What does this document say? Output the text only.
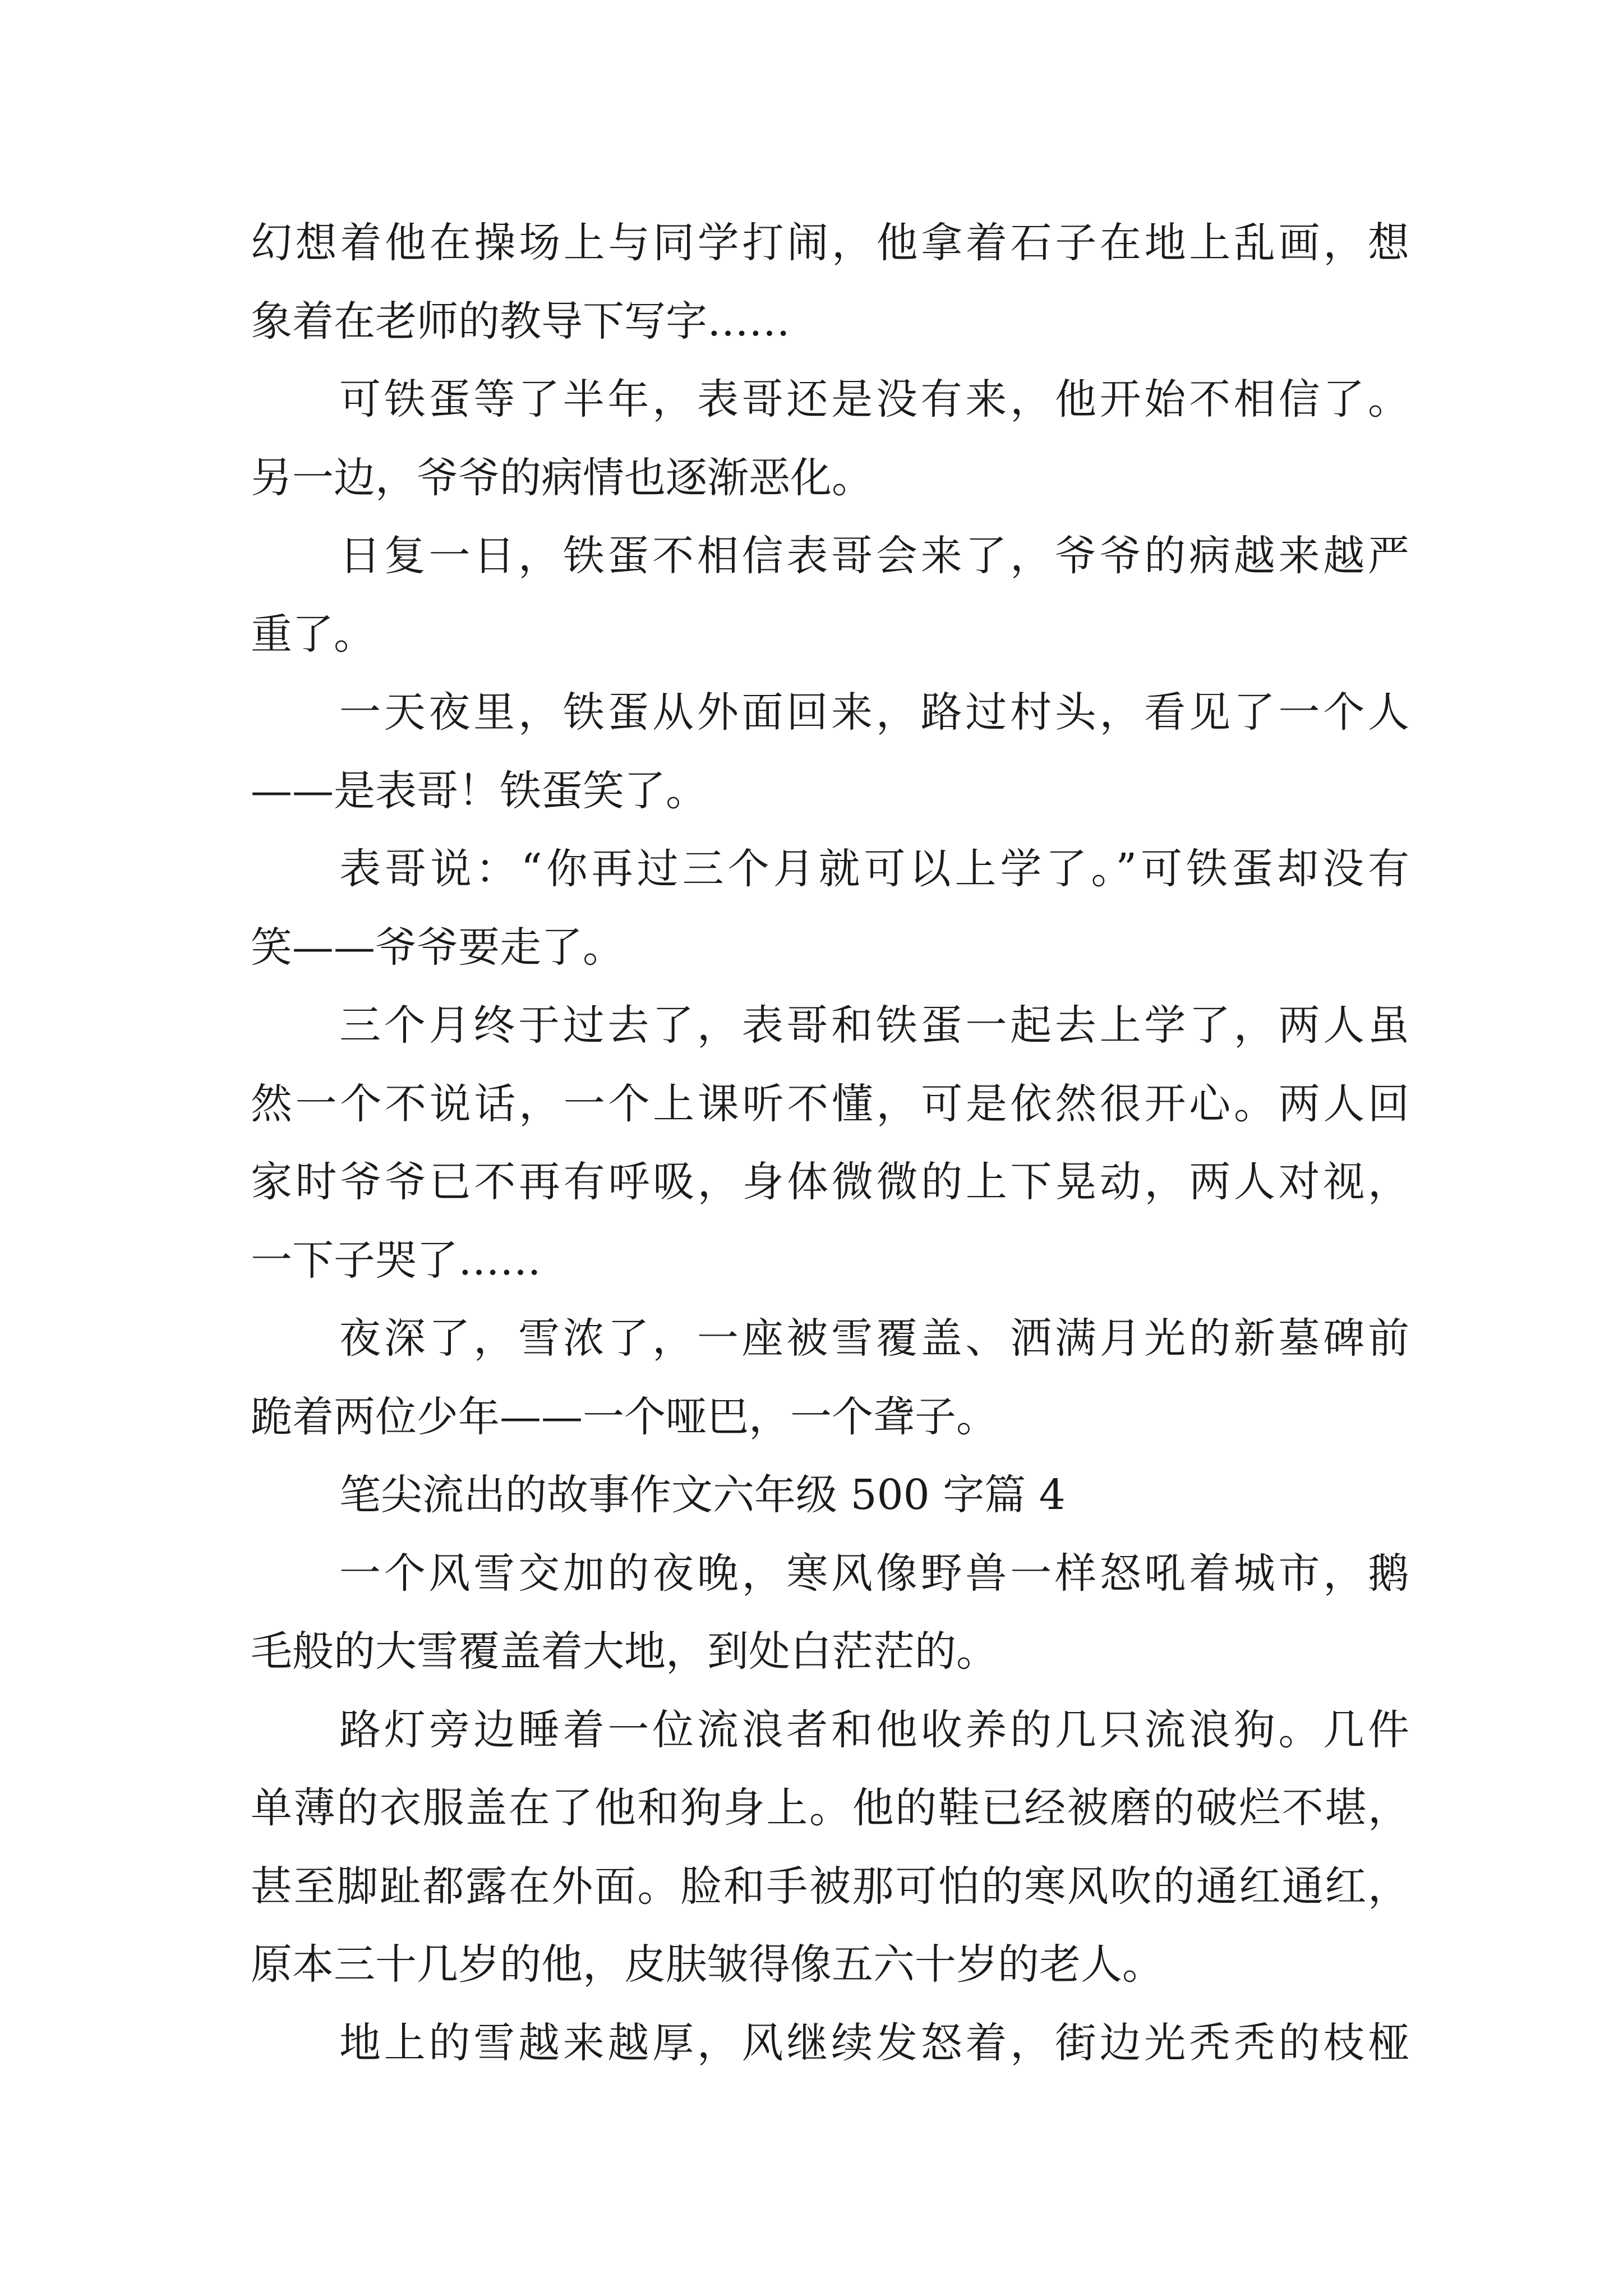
幻想着他在操场上与同学打闹，他拿着石子在地上乱画，想
象着在老师的教导下写字……
可铁蛋等了半年，表哥还是没有来，他开始不相信了。
另一边，爷爷的病情也逐渐恶化。
日复一日，铁蛋不相信表哥会来了，爷爷的病越来越严
重了。
一天夜里，铁蛋从外面回来，路过村头，看见了一个人
——是表哥！铁蛋笑了。
表哥说：“你再过三个月就可以上学了。”可铁蛋却没有
笑——爷爷要走了。
三个月终于过去了，表哥和铁蛋一起去上学了，两人虽
然一个不说话，一个上课听不懂，可是依然很开心。两人回
家时爷爷已不再有呼吸，身体微微的上下晃动，两人对视，
一下子哭了……
夜深了，雪浓了，一座被雪覆盖、洒满月光的新墓碑前
跪着两位少年——一个哑巴，一个聋子。
笔尖流出的故事作文六年级 500 字篇 4
一个风雪交加的夜晚，寒风像野兽一样怒吼着城市，鹅
毛般的大雪覆盖着大地，到处白茫茫的。
路灯旁边睡着一位流浪者和他收养的几只流浪狗。几件
单薄的衣服盖在了他和狗身上。他的鞋已经被磨的破烂不堪，
甚至脚趾都露在外面。脸和手被那可怕的寒风吹的通红通红，
原本三十几岁的他，皮肤皱得像五六十岁的老人。
地上的雪越来越厚，风继续发怒着，街边光秃秃的枝桠
